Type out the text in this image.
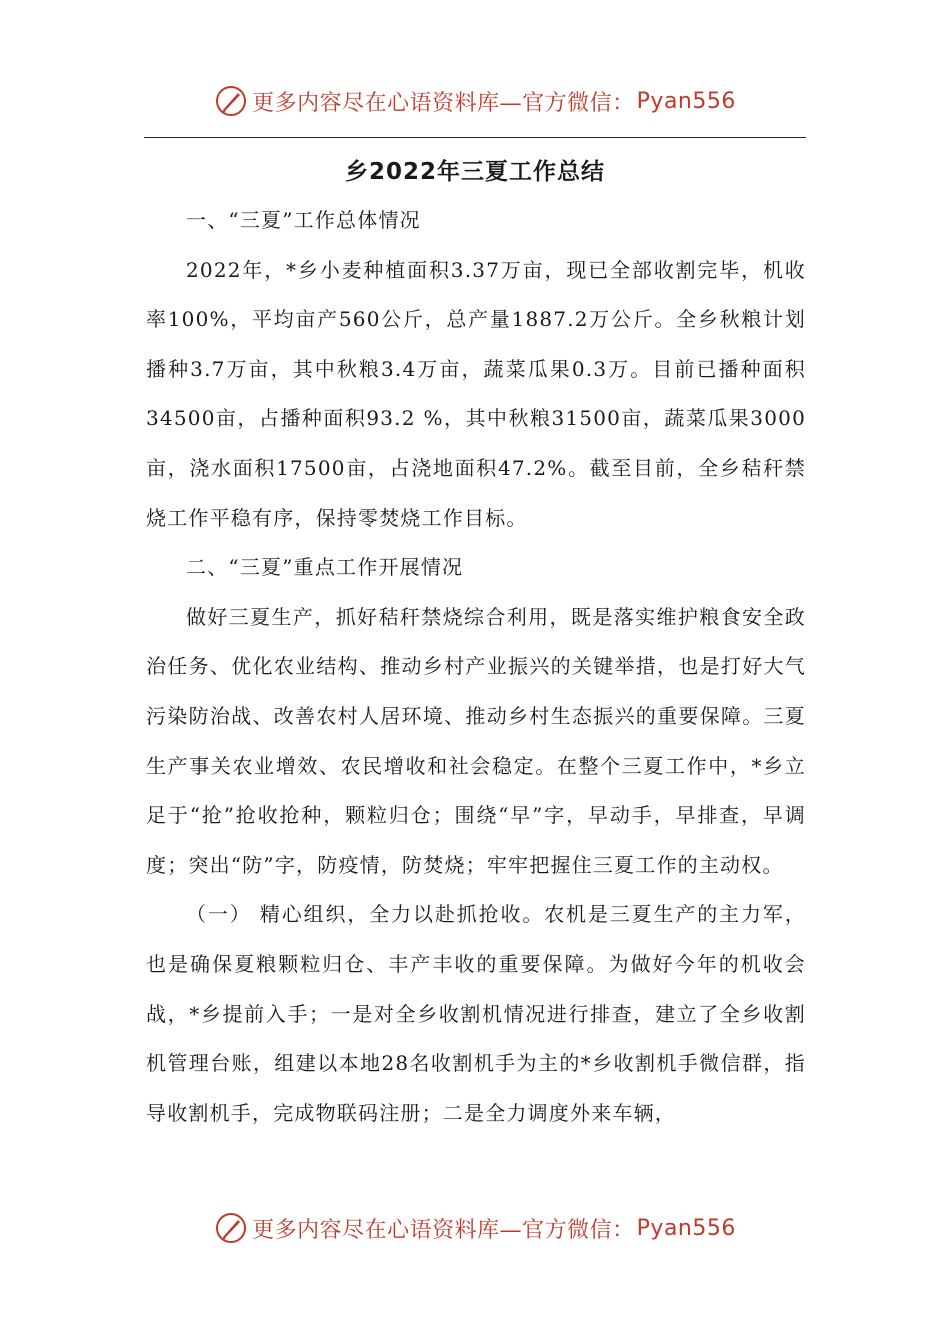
更多内容尽在心语资料库—官方微信： Pyan556
乡2022年三夏工作总结

一、“三夏”工作总体情况

2022年，*乡小麦种植面积3.37万亩，现已全部收割完毕，机收率100%，平均亩产560公斤，总产量1887.2万公斤。全乡秋粮计划播种3.7万亩，其中秋粮3.4万亩，蔬菜瓜果0.3万。目前已播种面积34500亩，占播种面积93.2 %，其中秋粮31500亩，蔬菜瓜果3000亩，浇水面积17500亩，占浇地面积47.2%。截至目前，全乡秸秆禁烧工作平稳有序，保持零焚烧工作目标。

二、“三夏”重点工作开展情况

做好三夏生产，抓好秸秆禁烧综合利用，既是落实维护粮食安全政治任务、优化农业结构、推动乡村产业振兴的关键举措，也是打好大气污染防治战、改善农村人居环境、推动乡村生态振兴的重要保障。三夏生产事关农业增效、农民增收和社会稳定。在整个三夏工作中，*乡立足于“抢”抢收抢种，颗粒归仓；围绕“早”字，早动手，早排查，早调度；突出“防”字，防疫情，防焚烧；牢牢把握住三夏工作的主动权。

（一） 精心组织，全力以赴抓抢收。农机是三夏生产的主力军，也是确保夏粮颗粒归仓、丰产丰收的重要保障。为做好今年的机收会战，*乡提前入手；一是对全乡收割机情况进行排查，建立了全乡收割机管理台账，组建以本地28名收割机手为主的*乡收割机手微信群，指导收割机手，完成物联码注册；二是全力调度外来车辆，

更多内容尽在心语资料库—官方微信： Pyan556
